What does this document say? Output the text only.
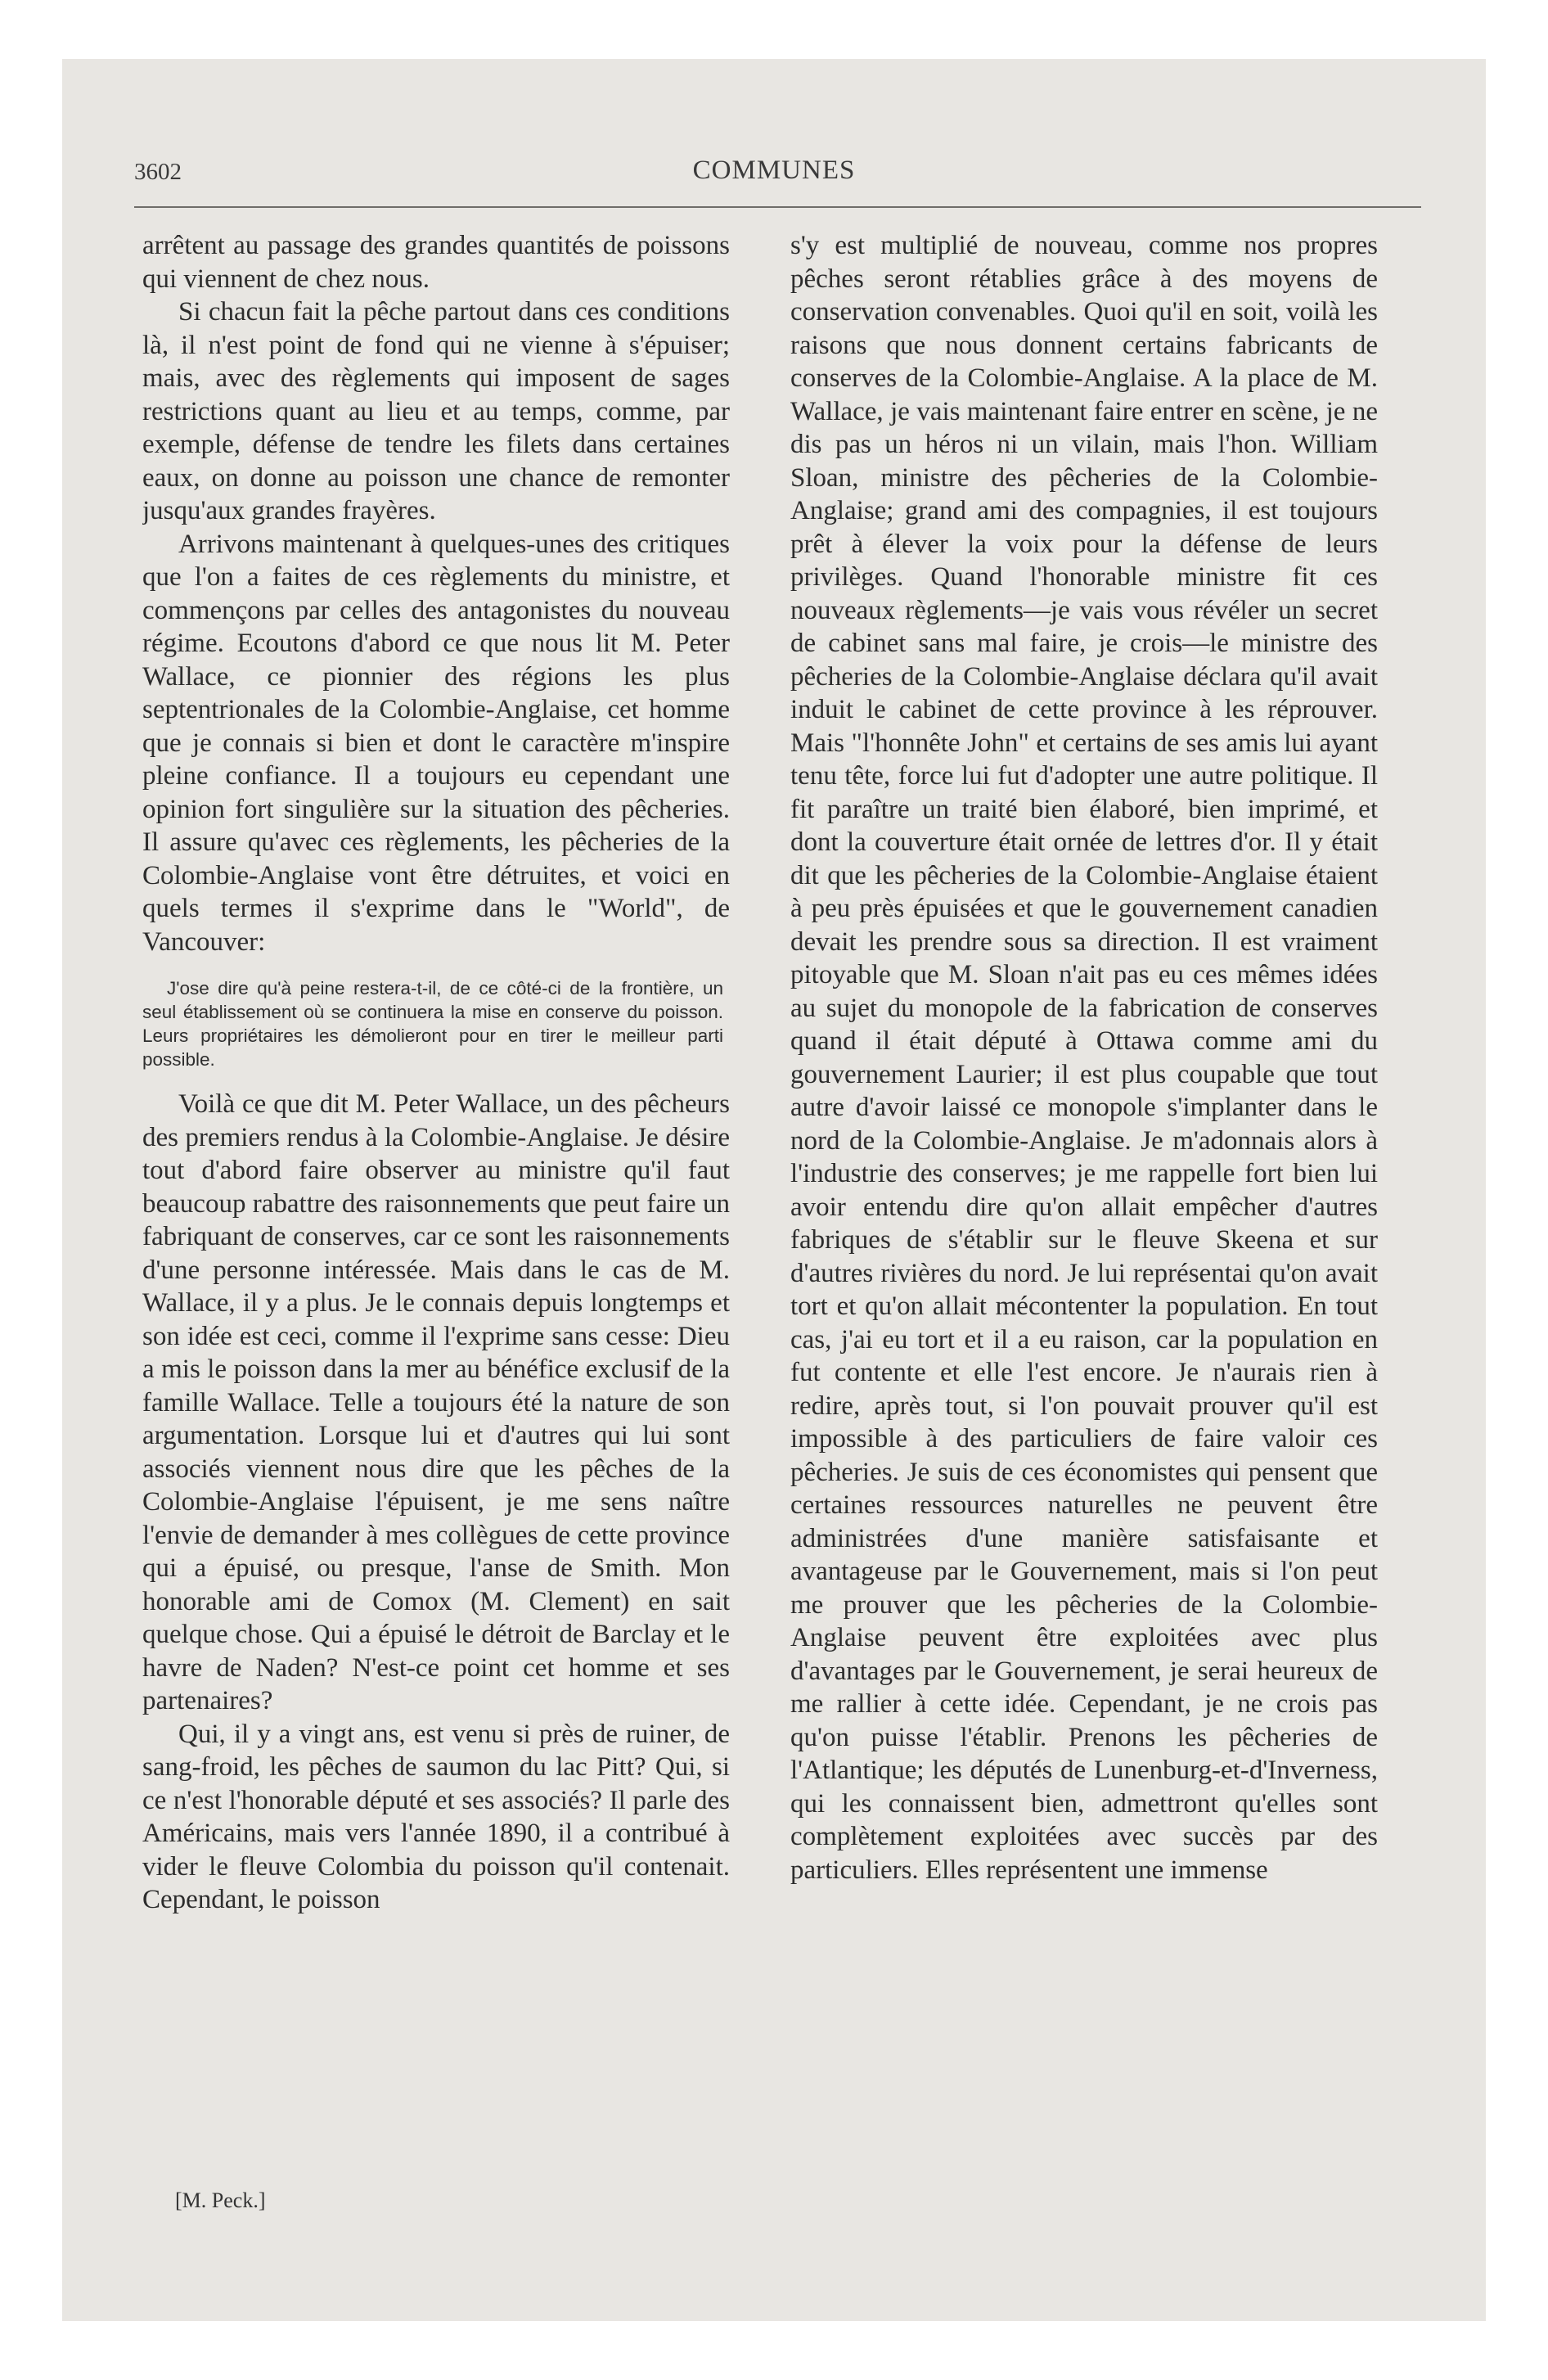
3602	COMMUNES

arrêtent au passage des grandes quantités de poissons qui viennent de chez nous.

Si chacun fait la pêche partout dans ces conditions là, il n'est point de fond qui ne vienne à s'épuiser; mais, avec des règlements qui imposent de sages restrictions quant au lieu et au temps, comme, par exemple, défense de tendre les filets dans certaines eaux, on donne au poisson une chance de remonter jusqu'aux grandes frayères.

Arrivons maintenant à quelques-unes des critiques que l'on a faites de ces règlements du ministre, et commençons par celles des antagonistes du nouveau régime. Ecoutons d'abord ce que nous lit M. Peter Wallace, ce pionnier des régions les plus septentrionales de la Colombie-Anglaise, cet homme que je connais si bien et dont le caractère m'inspire pleine confiance. Il a toujours eu cependant une opinion fort singulière sur la situation des pêcheries. Il assure qu'avec ces règlements, les pêcheries de la Colombie-Anglaise vont être détruites, et voici en quels termes il s'exprime dans le "World", de Vancouver:

J'ose dire qu'à peine restera-t-il, de ce côté-ci de la frontière, un seul établissement où se continuera la mise en conserve du poisson. Leurs propriétaires les démolieront pour en tirer le meilleur parti possible.

Voilà ce que dit M. Peter Wallace, un des pêcheurs des premiers rendus à la Colombie-Anglaise. Je désire tout d'abord faire observer au ministre qu'il faut beaucoup rabattre des raisonnements que peut faire un fabriquant de conserves, car ce sont les raisonnements d'une personne intéressée. Mais dans le cas de M. Wallace, il y a plus. Je le connais depuis longtemps et son idée est ceci, comme il l'exprime sans cesse: Dieu a mis le poisson dans la mer au bénéfice exclusif de la famille Wallace. Telle a toujours été la nature de son argumentation. Lorsque lui et d'autres qui lui sont associés viennent nous dire que les pêches de la Colombie-Anglaise l'épuisent, je me sens naître l'envie de demander à mes collègues de cette province qui a épuisé, ou presque, l'anse de Smith. Mon honorable ami de Comox (M. Clement) en sait quelque chose. Qui a épuisé le détroit de Barclay et le havre de Naden? N'est-ce point cet homme et ses partenaires?

Qui, il y a vingt ans, est venu si près de ruiner, de sang-froid, les pêches de saumon du lac Pitt? Qui, si ce n'est l'honorable député et ses associés? Il parle des Américains, mais vers l'année 1890, il a contribué à vider le fleuve Colombia du poisson qu'il contenait. Cependant, le poisson

s'y est multiplié de nouveau, comme nos propres pêches seront rétablies grâce à des moyens de conservation convenables. Quoi qu'il en soit, voilà les raisons que nous donnent certains fabricants de conserves de la Colombie-Anglaise. A la place de M. Wallace, je vais maintenant faire entrer en scène, je ne dis pas un héros ni un vilain, mais l'hon. William Sloan, ministre des pêcheries de la Colombie-Anglaise; grand ami des compagnies, il est toujours prêt à élever la voix pour la défense de leurs privilèges. Quand l'honorable ministre fit ces nouveaux règlements—je vais vous révéler un secret de cabinet sans mal faire, je crois—le ministre des pêcheries de la Colombie-Anglaise déclara qu'il avait induit le cabinet de cette province à les réprouver. Mais "l'honnête John" et certains de ses amis lui ayant tenu tête, force lui fut d'adopter une autre politique. Il fit paraître un traité bien élaboré, bien imprimé, et dont la couverture était ornée de lettres d'or. Il y était dit que les pêcheries de la Colombie-Anglaise étaient à peu près épuisées et que le gouvernement canadien devait les prendre sous sa direction. Il est vraiment pitoyable que M. Sloan n'ait pas eu ces mêmes idées au sujet du monopole de la fabrication de conserves quand il était député à Ottawa comme ami du gouvernement Laurier; il est plus coupable que tout autre d'avoir laissé ce monopole s'implanter dans le nord de la Colombie-Anglaise. Je m'adonnais alors à l'industrie des conserves; je me rappelle fort bien lui avoir entendu dire qu'on allait empêcher d'autres fabriques de s'établir sur le fleuve Skeena et sur d'autres rivières du nord. Je lui représentai qu'on avait tort et qu'on allait mécontenter la population. En tout cas, j'ai eu tort et il a eu raison, car la population en fut contente et elle l'est encore. Je n'aurais rien à redire, après tout, si l'on pouvait prouver qu'il est impossible à des particuliers de faire valoir ces pêcheries. Je suis de ces économistes qui pensent que certaines ressources naturelles ne peuvent être administrées d'une manière satisfaisante et avantageuse par le Gouvernement, mais si l'on peut me prouver que les pêcheries de la Colombie-Anglaise peuvent être exploitées avec plus d'avantages par le Gouvernement, je serai heureux de me rallier à cette idée. Cependant, je ne crois pas qu'on puisse l'établir. Prenons les pêcheries de l'Atlantique; les députés de Lunenburg-et-d'Inverness, qui les connaissent bien, admettront qu'elles sont complètement exploitées avec succès par des particuliers. Elles représentent une immense

[M. Peck.]
